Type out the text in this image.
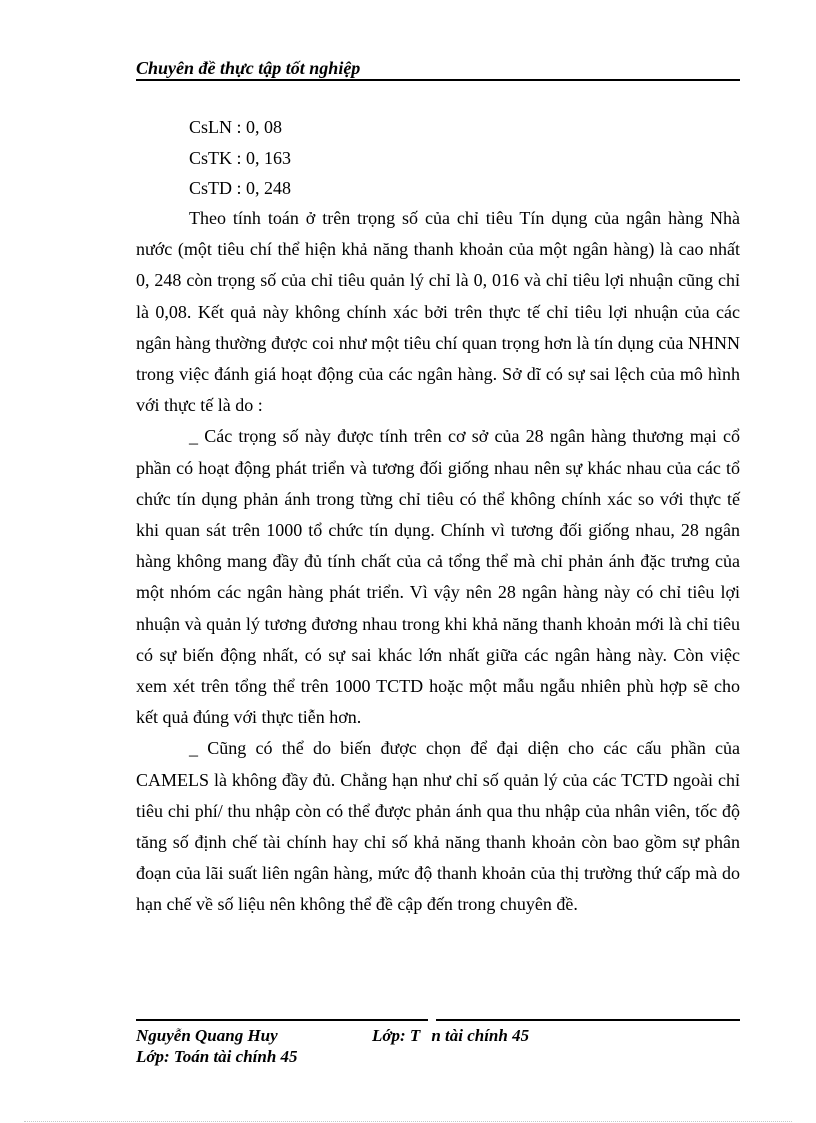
Chuyên đề thực tập tốt nghiệp
CsLN : 0, 08
CsTK : 0, 163
CsTD : 0, 248

Theo tính toán ở trên trọng số của chỉ tiêu Tín dụng của ngân hàng Nhà nước (một tiêu chí thể hiện khả năng thanh khoản của một ngân hàng) là cao nhất 0, 248 còn trọng số của chỉ tiêu quản lý chỉ là 0, 016 và chỉ tiêu lợi nhuận cũng chỉ là 0,08. Kết quả này không chính xác bởi trên thực tế chỉ tiêu lợi nhuận của các ngân hàng thường được coi như một tiêu chí quan trọng hơn là tín dụng của NHNN trong việc đánh giá hoạt động của các ngân hàng. Sở dĩ có sự sai lệch của mô hình với thực tế là do :

_ Các trọng số này được tính trên cơ sở của 28 ngân hàng thương mại cổ phần có hoạt động phát triển và tương đối giống nhau nên sự khác nhau của các tổ chức tín dụng phản ánh trong từng chỉ tiêu có thể không chính xác so với thực tế khi quan sát trên 1000 tổ chức tín dụng. Chính vì tương đối giống nhau, 28 ngân hàng không mang đầy đủ tính chất của cả tổng thể mà chỉ phản ánh đặc trưng của một nhóm các ngân hàng phát triển. Vì vậy nên 28 ngân hàng này có chỉ tiêu lợi nhuận và quản lý tương đương nhau trong khi khả năng thanh khoản mới là chỉ tiêu có sự biến động nhất, có sự sai khác lớn nhất giữa các ngân hàng này. Còn việc xem xét trên tổng thể trên 1000 TCTD hoặc một mẫu ngẫu nhiên phù hợp sẽ cho kết quả đúng với thực tiễn hơn.

_ Cũng có thể do biến được chọn để đại diện cho các cấu phần của CAMELS là không đầy đủ. Chẳng hạn như chỉ số quản lý của các TCTD ngoài chỉ tiêu chi phí/ thu nhập còn có thể được phản ánh qua thu nhập của nhân viên, tốc độ tăng số định chế tài chính hay chỉ số khả năng thanh khoản còn bao gồm sự phân đoạn của lãi suất liên ngân hàng, mức độ thanh khoản của thị trường thứ cấp mà do hạn chế về số liệu nên không thể đề cập đến trong chuyên đề.

Nguyễn Quang Huy	Lớp: T n tài chính 45
Lớp: Toán tài chính 45
